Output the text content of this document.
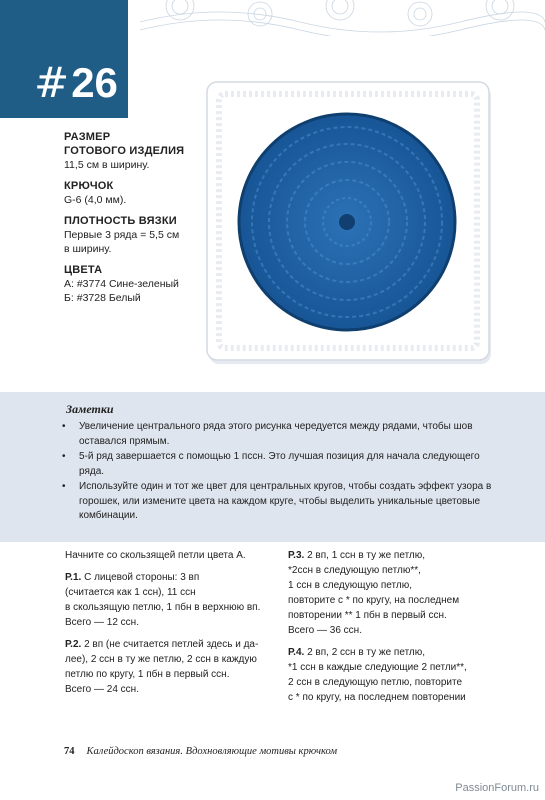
#26
РАЗМЕР
ГОТОВОГО ИЗДЕЛИЯ
11,5 см в ширину.
КРЮЧОК
G-6 (4,0 мм).
ПЛОТНОСТЬ ВЯЗКИ
Первые 3 ряда = 5,5 см
в ширину.
ЦВЕТА
А: #3774 Сине-зеленый
Б: #3728 Белый
Заметки
• Увеличение центрального ряда этого рисунка чередуется между рядами, чтобы шов оставался прямым.
• 5-й ряд завершается с помощью 1 пссн. Это лучшая позиция для начала следующего ряда.
• Используйте один и тот же цвет для центральных кругов, чтобы создать эффект узора в горошек, или измените цвета на каждом круге, чтобы выделить уникальные цветовые комбинации.
Начните со скользящей петли цвета А.
Р.1. С лицевой стороны: 3 вп
(считается как 1 ссн), 11 ссн
в скользящую петлю, 1 пбн в верхнюю вп.
Всего — 12 ссн.
Р.2. 2 вп (не считается петлей здесь и да-
лее), 2 ссн в ту же петлю, 2 ссн в каждую
петлю по кругу, 1 пбн в первый ссн.
Всего — 24 ссн.
Р.3. 2 вп, 1 ссн в ту же петлю,
*2ссн в следующую петлю**,
1 ссн в следующую петлю,
повторите с * по кругу, на последнем
повторении ** 1 пбн в первый ссн.
Всего — 36 ссн.
Р.4. 2 вп, 2 ссн в ту же петлю,
*1 ссн в каждые следующие 2 петли**,
2 ссн в следующую петлю, повторите
с * по кругу, на последнем повторении
74 Калейдоскоп вязания. Вдохновляющие мотивы крючком
PassionForum.ru
